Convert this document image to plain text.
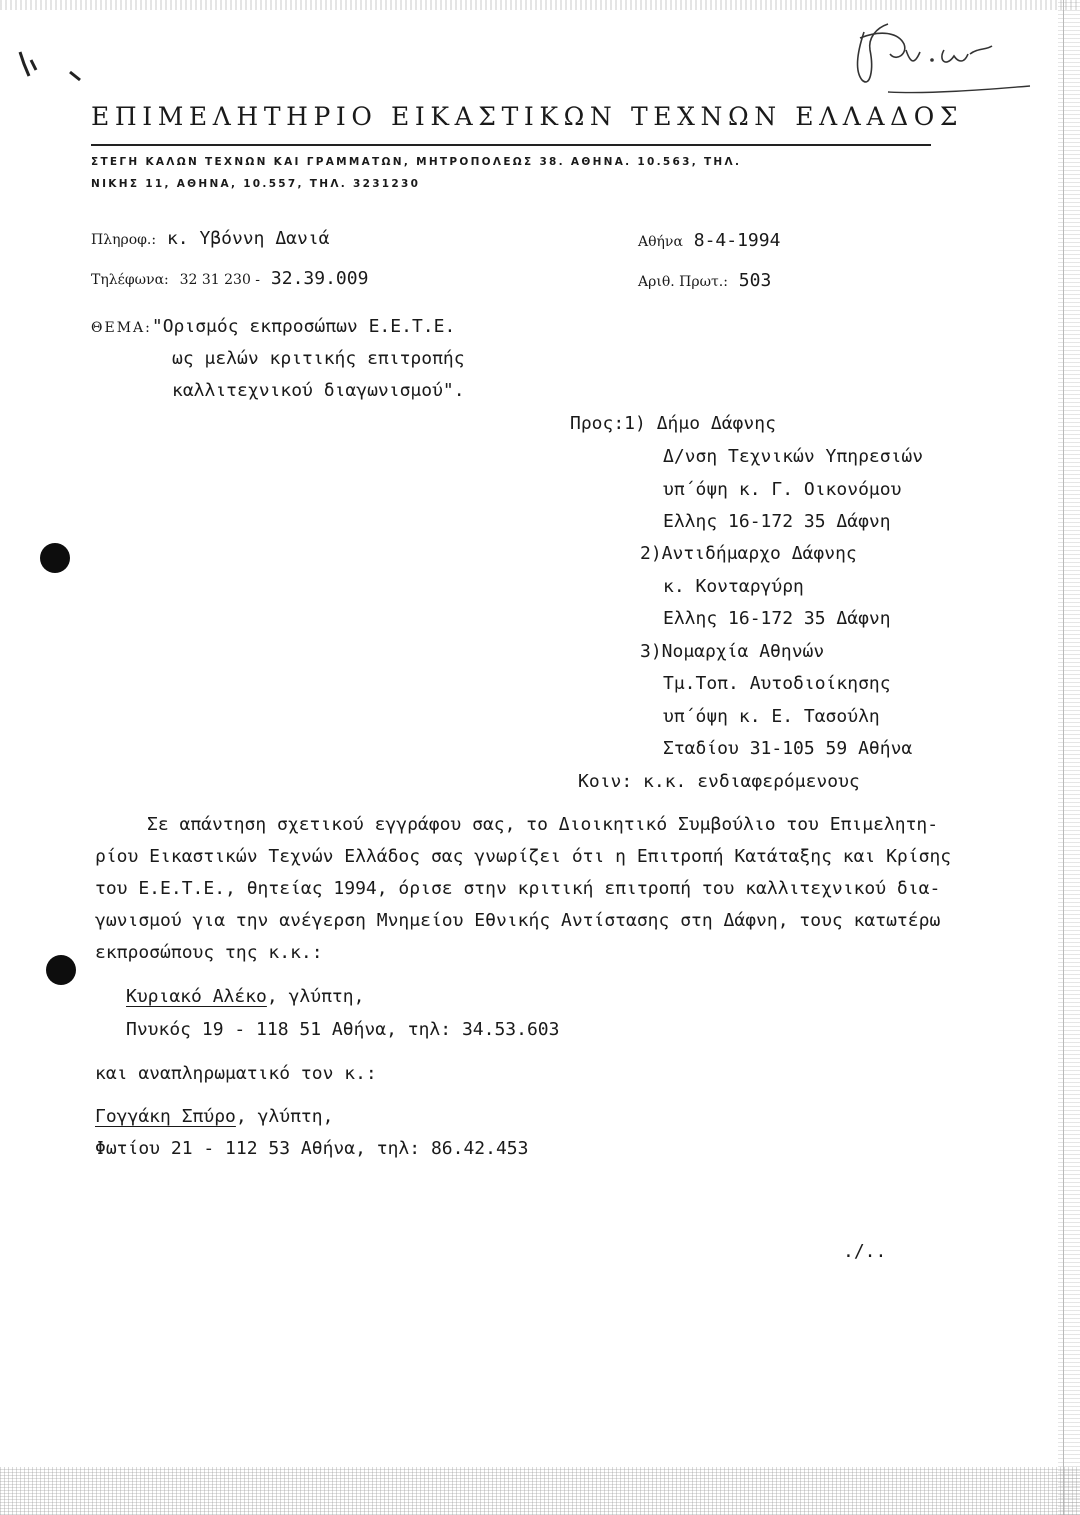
ΕΠΙΜΕΛΗΤΗΡΙΟ ΕΙΚΑΣΤΙΚΩΝ ΤΕΧΝΩΝ ΕΛΛΑΔΟΣ
ΣΤΕΓΗ ΚΑΛΩΝ ΤΕΧΝΩΝ ΚΑΙ ΓΡΑΜΜΑΤΩΝ, ΜΗΤΡΟΠΟΛΕΩΣ 38. ΑΘΗΝΑ. 10.563, ΤΗΛ.
ΝΙΚΗΣ 11, ΑΘΗΝΑ, 10.557, ΤΗΛ. 3231230
Πληροφ.: κ. Υβόννη Δανιά
Τηλέφωνα: 32 31 230 - 32.39.009
Αθήνα 8-4-1994
Αριθ. Πρωτ.: 503
ΘΕΜΑ:"Ορισμός εκπροσώπων Ε.Ε.Τ.Ε.
ως μελών κριτικής επιτροπής
καλλιτεχνικού διαγωνισμού".
Προς:1) Δήμο Δάφνης
Δ/νση Τεχνικών Υπηρεσιών
υπ΄όψη κ. Γ. Οικονόμου
Ελλης 16-172 35 Δάφνη
2)Αντιδήμαρχο Δάφνης
κ. Κονταργύρη
Ελλης 16-172 35 Δάφνη
3)Νομαρχία Αθηνών
Τμ.Τοπ. Αυτοδιοίκησης
υπ΄όψη κ. Ε. Τασούλη
Σταδίου 31-105 59 Αθήνα
Κοιν: κ.κ. ενδιαφερόμενους
Σε απάντηση σχετικού εγγράφου σας, το Διοικητικό Συμβούλιο του Επιμελητη-
ρίου Εικαστικών Τεχνών Ελλάδος σας γνωρίζει ότι η Επιτροπή Κατάταξης και Κρίσης
του Ε.Ε.Τ.Ε., θητείας 1994, όρισε στην κριτική επιτροπή του καλλιτεχνικού δια-
γωνισμού για την ανέγερση Μνημείου Εθνικής Αντίστασης στη Δάφνη, τους κατωτέρω
εκπροσώπους της κ.κ.:
Κυριακό Αλέκο, γλύπτη,
Πνυκός 19 - 118 51 Αθήνα, τηλ: 34.53.603
και αναπληρωματικό τον κ.:
Γογγάκη Σπύρο, γλύπτη,
Φωτίου 21 - 112 53 Αθήνα, τηλ: 86.42.453
./..
